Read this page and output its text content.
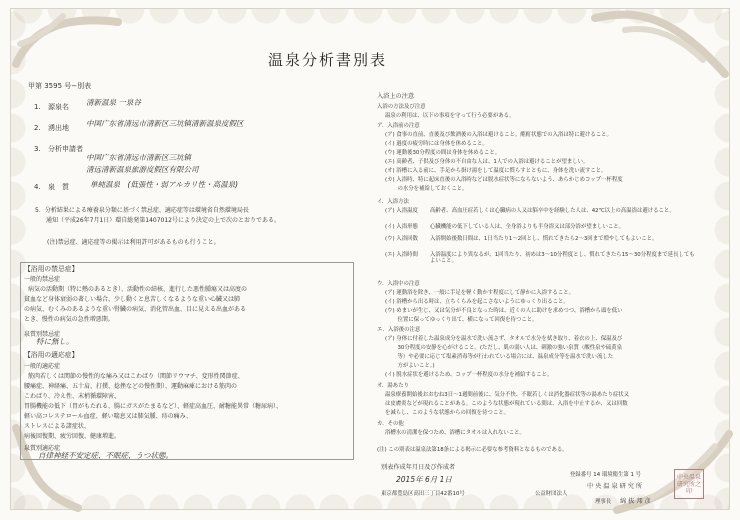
温泉分析書別表
甲第 3595 号−別表
1. 源泉名 清新温泉 一泉谷
2. 湧出地 中国广东省清远市清新区三坑镇清新温泉度假区
3. 分析申請者
中国广东省清远市清新区三坑镇
清远清新温泉旅游度假区有限公司
4. 泉　質	単純温泉　(低張性・弱アルカリ性・高温泉)
5．分析結果による療養泉分類に基づく禁忌症、適応症等は環境省自然環境局長
通知（平成26年7月1日）環自総発第1407012号により決定の上で次のとおりである。
(注)禁忌症、適応症等の掲示は利用許可があるものも行うこと。
【浴用の禁忌症】
一般的禁忌症
病気の活動期（特に熱のあるとき）、活動性の結核、進行した悪性腫瘍又は高度の
貧血など身体衰弱の著しい場合、少し動くと息苦しくなるような重い心臓又は肺
の病気、むくみのあるような重い腎臓の病気、消化管出血、目に見える出血がある
とき、慢性の病気の急性増悪期。
泉質別禁忌症
特に無し。
【浴用の適応症】
一般的適応症
筋肉若しくは関節の慢性的な痛み又はこわばり（関節リウマチ、変形性関節症、
腰痛症、神経痛、五十肩、打撲、捻挫などの慢性期）、運動麻痺における筋肉の
こわばり、冷え性、末梢循環障害、
胃腸機能の低下（胃がもたれる、腸にガスがたまるなど）、軽症高血圧、耐糖能異常（糖尿病）、
軽い高コレステロール血症、軽い喘息又は肺気腫、痔の痛み、
ストレスによる諸症状、
病後回復期、疲労回復、健康増進。
泉質別適応症
自律神経不安定症、不眠症、うつ状態。
入浴上の注意
入浴の方法及び注意
温泉の利用は、以下の事項を守って行う必要がある。
ア．入浴前の注意
(ア) 食事の直前、直後及び飲酒後の入浴は避けること。酩酊状態での入浴は特に避けること。
(イ) 過度の疲労時には身体を休めること。
(ウ) 運動後30分程度の間は身体を休めること。
(エ) 高齢者、子供及び身体の不自由な人は、1人での入浴は避けることが望ましい。
(オ) 浴槽に入る前に、手足から掛け湯をして温度に慣らすとともに、身体を洗い流すこと。
(カ) 入浴時、特に起床直後の入浴時などは脱水症状等にならないよう、あらかじめコップ一杯程度
　　 の水分を補給しておくこと。
イ．入浴方法
(ア) 入浴温度 高齢者、高血圧症若しくは心臓病の人又は脳卒中を経験した人は、42℃以上の高温浴は避けること。
(イ) 入浴形態 心臓機能の低下している人は、全身浴よりも半身浴又は部分浴が望ましいこと。
(ウ) 入浴回数 入浴開始後数日間は、1日当たり1〜2回とし、慣れてきたら2〜3回まで増やしてもよいこと。
(エ) 入浴時間 入浴温度により異なるが、1回当たり、初めは3〜10分程度とし、慣れてきたら15〜30分程度まで延長してもよいこと。
ウ．入浴中の注意
(ア) 運動浴を除き、一般に手足を軽く動かす程度にして静かに入浴すること。
(イ) 浴槽から出る時は、立ちくらみを起こさないようにゆっくり出ること。
(ウ) めまいが生じ、又は気分が不良となった時は、近くの人に助けを求めつつ、浴槽から頭を低い
　　 位置に保ってゆっくり出て、横になって回復を待つこと。
エ．入浴後の注意
(ア) 身体に付着した温泉成分を温水で洗い流さず、タオルで水分を拭き取り、着衣の上、保温及び
　　 30分程度の安静を心がけること。(ただし、肌の弱い人は、刺激の強い泉質（酸性泉や硫黄泉
　　 等）や必要に応じて塩素消毒等が行われている場合には、温泉成分等を温水で洗い流した
　　 方がよいこと。)
(イ) 脱水症状を避けるため、コップ一杯程度の水分を補給すること。
オ．湯あたり
温泉療養開始後おおむね3日〜1週間前後に、気分不快、不眠若しくは消化器症状等の湯あたり症状又
は皮膚炎などが現れることがある。このような状態が現れている間は、入浴を中止するか、又は回数
を減らし、このような状態からの回復を待つこと。
カ．その他
浴槽水の清潔を保つため、浴槽にタオルは入れないこと。
(注) この別表は温泉法第18条による掲示に必要な参考資料となるものである。
別表作成年月日及び作成者
2015年 6月 1日
東京都豊島区高田三丁目42番10号	公益財団法人
登録番号 14 環境衛生第 1 号
中 央 温 泉 研 究 所
理事長 綿 抜 邦 彦
中央温泉研究所之印
